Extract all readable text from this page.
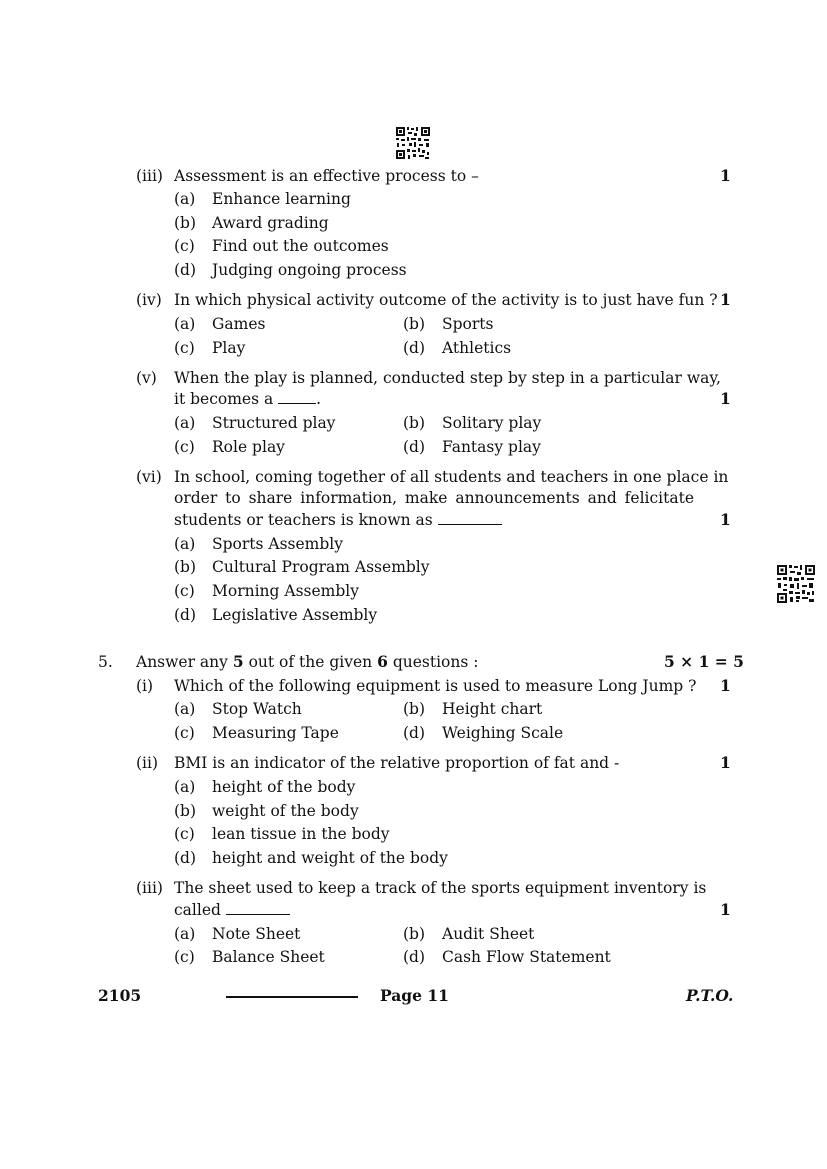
(iii) Assessment is an effective process to –	1
(a) Enhance learning
(b) Award grading
(c) Find out the outcomes
(d) Judging ongoing process
(iv) In which physical activity outcome of the activity is to just have fun ? 1
(a) Games	(b) Sports
(c) Play	(d) Athletics
(v) When the play is planned, conducted step by step in a particular way,
it becomes a	.	1
(a) Structured play	(b) Solitary play
(c) Role play	(d) Fantasy play
(vi) In school, coming together of all students and teachers in one place in
order to share information, make announcements and felicitate
students or teachers is known as	1
(a) Sports Assembly
(b) Cultural Program Assembly
(c) Morning Assembly
(d) Legislative Assembly
5. Answer any 5 out of the given 6 questions :	5 × 1 = 5
(i) Which of the following equipment is used to measure Long Jump ? 1
(a) Stop Watch	(b) Height chart
(c) Measuring Tape	(d) Weighing Scale
(ii) BMI is an indicator of the relative proportion of fat and -	1
(a) height of the body
(b) weight of the body
(c) lean tissue in the body
(d) height and weight of the body
(iii) The sheet used to keep a track of the sports equipment inventory is
called	1
(a) Note Sheet	(b) Audit Sheet
(c) Balance Sheet	(d) Cash Flow Statement
2105	Page 11	P.T.O.
